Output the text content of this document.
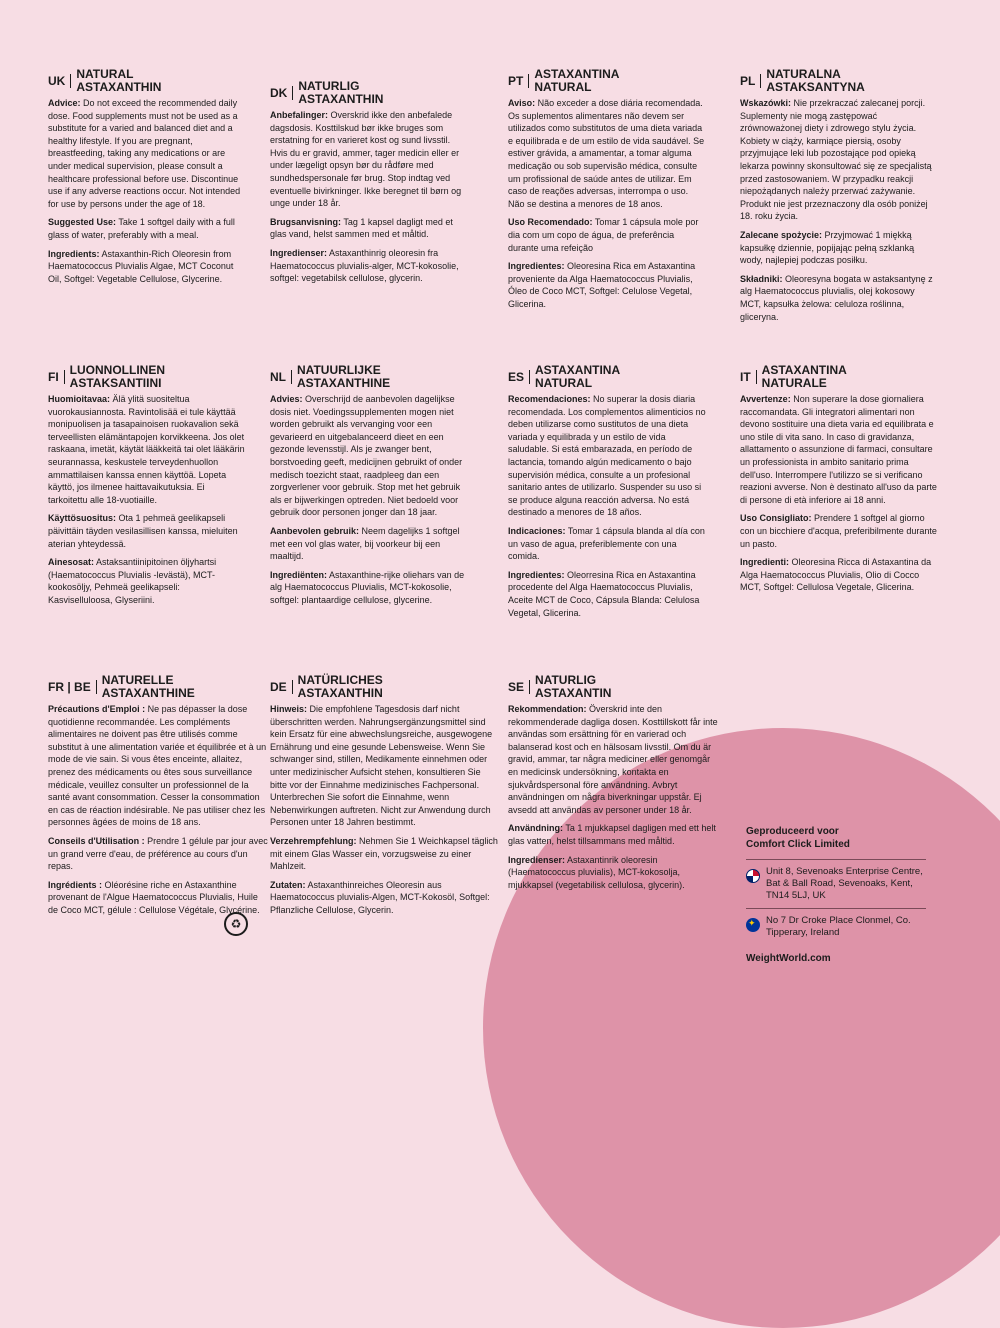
UK NATURAL
ASTAXANTHIN

Advice: Do not exceed the recommended daily dose. Food supplements must not be used as a substitute for a varied and balanced diet and a healthy lifestyle. If you are pregnant, breastfeeding, taking any medications or are under medical supervision, please consult a healthcare professional before use. Discontinue use if any adverse reactions occur. Not intended for use by persons under the age of 18.

Suggested Use: Take 1 softgel daily with a full glass of water, preferably with a meal.

Ingredients: Astaxanthin-Rich Oleoresin from Haematococcus Pluvialis Algae, MCT Coconut Oil, Softgel: Vegetable Cellulose, Glycerine.

DK NATURLIG
ASTAXANTHIN

Anbefalinger: Overskrid ikke den anbefalede dagsdosis. Kosttilskud bør ikke bruges som erstatning for en varieret kost og sund livsstil. Hvis du er gravid, ammer, tager medicin eller er under lægeligt opsyn bør du rådføre med sundhedspersonale før brug. Stop indtag ved eventuelle bivirkninger. Ikke beregnet til børn og unge under 18 år.

Brugsanvisning: Tag 1 kapsel dagligt med et glas vand, helst sammen med et måltid.

Ingredienser: Astaxanthinrig oleoresin fra Haematococcus pluvialis-alger, MCT-kokosolie, softgel: vegetabilsk cellulose, glycerin.

PT ASTAXANTINA
NATURAL

Aviso: Não exceder a dose diária recomendada. Os suplementos alimentares não devem ser utilizados como substitutos de uma dieta variada e equilibrada e de um estilo de vida saudável. Se estiver grávida, a amamentar, a tomar alguma medicação ou sob supervisão médica, consulte um profissional de saúde antes de utilizar. Em caso de reações adversas, interrompa o uso. Não se destina a menores de 18 anos.

Uso Recomendado: Tomar 1 cápsula mole por dia com um copo de água, de preferência durante uma refeição

Ingredientes: Oleoresina Rica em Astaxantina proveniente da Alga Haematococcus Pluvialis, Óleo de Coco MCT, Softgel: Celulose Vegetal, Glicerina.

PL NATURALNA
ASTAKSANTYNA

Wskazówki: Nie przekraczać zalecanej porcji. Suplementy nie mogą zastępować zrównoważonej diety i zdrowego stylu życia. Kobiety w ciąży, karmiące piersią, osoby przyjmujące leki lub pozostające pod opieką lekarza powinny skonsultować się ze specjalistą przed zastosowaniem. W przypadku reakcji niepożądanych należy przerwać zażywanie. Produkt nie jest przeznaczony dla osób poniżej 18. roku życia.

Zalecane spożycie: Przyjmować 1 miękką kapsułkę dziennie, popijając pełną szklanką wody, najlepiej podczas posiłku.

Składniki: Oleoresyna bogata w astaksantynę z alg Haematococcus pluvialis, olej kokosowy MCT, kapsułka żelowa: celuloza roślinna, gliceryna.

FI LUONNOLLINEN
ASTAKSANTIINI

Huomioitavaa: Älä ylitä suositeltua vuorokausiannosta. Ravintolisää ei tule käyttää monipuolisen ja tasapainoisen ruokavalion sekä terveellisten elämäntapojen korvikkeena. Jos olet raskaana, imetät, käytät lääkkeitä tai olet lääkärin seurannassa, keskustele terveydenhuollon ammattilaisen kanssa ennen käyttöä. Lopeta käyttö, jos ilmenee haittavaikutuksia. Ei tarkoitettu alle 18-vuotiaille.

Käyttösuositus: Ota 1 pehmeä geelikapseli päivittäin täyden vesilasillisen kanssa, mieluiten aterian yhteydessä.

Ainesosat: Astaksantiinipitoinen öljyhartsi (Haematococcus Pluvialis -levästä), MCT-kookosöljy, Pehmeä geelikapseli: Kasviselluloosa, Glyseriini.

NL NATUURLIJKE
ASTAXANTHINE

Advies: Overschrijd de aanbevolen dagelijkse dosis niet. Voedingssupplementen mogen niet worden gebruikt als vervanging voor een gevarieerd en uitgebalanceerd dieet en een gezonde levensstijl. Als je zwanger bent, borstvoeding geeft, medicijnen gebruikt of onder medisch toezicht staat, raadpleeg dan een zorgverlener voor gebruik. Stop met het gebruik als er bijwerkingen optreden. Niet bedoeld voor gebruik door personen jonger dan 18 jaar.

Aanbevolen gebruik: Neem dagelijks 1 softgel met een vol glas water, bij voorkeur bij een maaltijd.

Ingrediënten: Astaxanthine-rijke oliehars van de alg Haematococcus Pluvialis, MCT-kokosolie, softgel: plantaardige cellulose, glycerine.

ES ASTAXANTINA
NATURAL

Recomendaciones: No superar la dosis diaria recomendada. Los complementos alimenticios no deben utilizarse como sustitutos de una dieta variada y equilibrada y un estilo de vida saludable. Si está embarazada, en período de lactancia, tomando algún medicamento o bajo supervisión médica, consulte a un profesional sanitario antes de utilizarlo. Suspender su uso si se produce alguna reacción adversa. No está destinado a menores de 18 años.

Indicaciones: Tomar 1 cápsula blanda al día con un vaso de agua, preferiblemente con una comida.

Ingredientes: Oleorresina Rica en Astaxantina procedente del Alga Haematococcus Pluvialis, Aceite MCT de Coco, Cápsula Blanda: Celulosa Vegetal, Glicerina.

IT ASTAXANTINA
NATURALE

Avvertenze: Non superare la dose giornaliera raccomandata. Gli integratori alimentari non devono sostituire una dieta varia ed equilibrata e uno stile di vita sano. In caso di gravidanza, allattamento o assunzione di farmaci, consultare un professionista in ambito sanitario prima dell'uso. Interrompere l'utilizzo se si verificano reazioni avverse. Non è destinato all'uso da parte di persone di età inferiore ai 18 anni.

Uso Consigliato: Prendere 1 softgel al giorno con un bicchiere d'acqua, preferibilmente durante un pasto.

Ingredienti: Oleoresina Ricca di Astaxantina da Alga Haematococcus Pluvialis, Olio di Cocco MCT, Softgel: Cellulosa Vegetale, Glicerina.

FR | BE NATURELLE
ASTAXANTHINE

Précautions d'Emploi : Ne pas dépasser la dose quotidienne recommandée. Les compléments alimentaires ne doivent pas être utilisés comme substitut à une alimentation variée et équilibrée et à un mode de vie sain. Si vous êtes enceinte, allaitez, prenez des médicaments ou êtes sous surveillance médicale, veuillez consulter un professionnel de la santé avant consommation. Cesser la consommation en cas de réaction indésirable. Ne pas utiliser chez les personnes âgées de moins de 18 ans.

Conseils d'Utilisation : Prendre 1 gélule par jour avec un grand verre d'eau, de préférence au cours d'un repas.

Ingrédients : Oléorésine riche en Astaxanthine provenant de l'Algue Haematococcus Pluvialis, Huile de Coco MCT, gélule : Cellulose Végétale, Glycérine.

DE NATÜRLICHES
ASTAXANTHIN

Hinweis: Die empfohlene Tagesdosis darf nicht überschritten werden. Nahrungsergänzungsmittel sind kein Ersatz für eine abwechslungsreiche, ausgewogene Ernährung und eine gesunde Lebensweise. Wenn Sie schwanger sind, stillen, Medikamente einnehmen oder unter medizinischer Aufsicht stehen, konsultieren Sie bitte vor der Einnahme medizinisches Fachpersonal. Unterbrechen Sie sofort die Einnahme, wenn Nebenwirkungen auftreten. Nicht zur Anwendung durch Personen unter 18 Jahren bestimmt.

Verzehrempfehlung: Nehmen Sie 1 Weichkapsel täglich mit einem Glas Wasser ein, vorzugsweise zu einer Mahlzeit.

Zutaten: Astaxanthinreiches Oleoresin aus Haematococcus pluvialis-Algen, MCT-Kokosöl, Softgel: Pflanzliche Cellulose, Glycerin.

SE NATURLIG
ASTAXANTIN

Rekommendation: Överskrid inte den rekommenderade dagliga dosen. Kosttillskott får inte användas som ersättning för en varierad och balanserad kost och en hälsosam livsstil. Om du är gravid, ammar, tar några mediciner eller genomgår en medicinsk undersökning, kontakta en sjukvårdspersonal före användning. Avbryt användningen om några biverkningar uppstår. Ej avsedd att användas av personer under 18 år.

Användning: Ta 1 mjukkapsel dagligen med ett helt glas vatten, helst tillsammans med måltid.

Ingredienser: Astaxantinrik oleoresin (Haematococcus pluvialis), MCT-kokosolja, mjukkapsel (vegetabilisk cellulosa, glycerin).

♻
Geproduceerd voor
Comfort Click Limited
Unit 8, Sevenoaks Enterprise Centre, Bat & Ball Road, Sevenoaks, Kent, TN14 5LJ, UK
✦
No 7 Dr Croke Place Clonmel, Co. Tipperary, Ireland
WeightWorld.com
